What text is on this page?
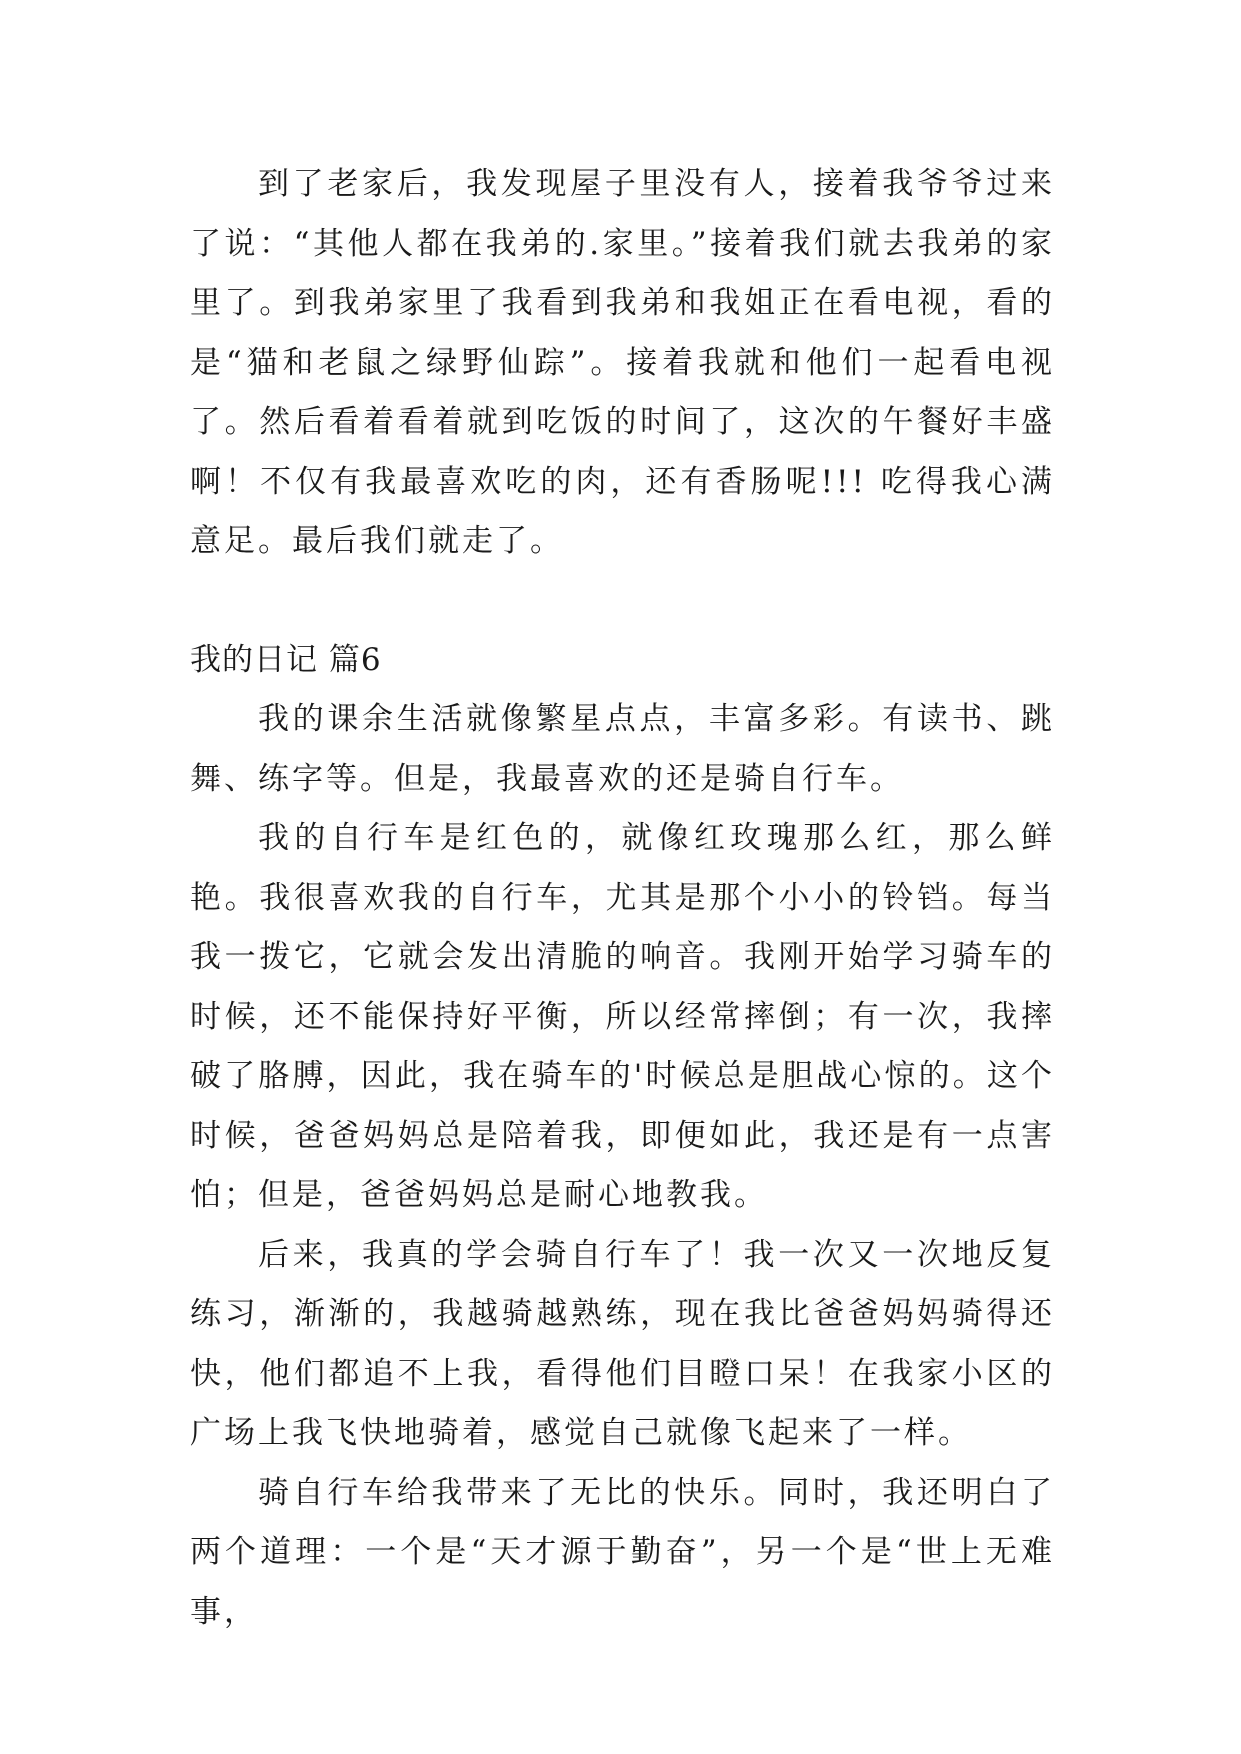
到了老家后，我发现屋子里没有人，接着我爷爷过来了说：“其他人都在我弟的.家里。”接着我们就去我弟的家里了。到我弟家里了我看到我弟和我姐正在看电视，看的是“猫和老鼠之绿野仙踪”。接着我就和他们一起看电视了。然后看着看着就到吃饭的时间了，这次的午餐好丰盛啊！不仅有我最喜欢吃的肉，还有香肠呢!!! 吃得我心满意足。最后我们就走了。

我的日记 篇6

我的课余生活就像繁星点点，丰富多彩。有读书、跳舞、练字等。但是，我最喜欢的还是骑自行车。

我的自行车是红色的，就像红玫瑰那么红，那么鲜艳。我很喜欢我的自行车，尤其是那个小小的铃铛。每当我一拨它，它就会发出清脆的响音。我刚开始学习骑车的时候，还不能保持好平衡，所以经常摔倒；有一次，我摔破了胳膊，因此，我在骑车的'时候总是胆战心惊的。这个时候，爸爸妈妈总是陪着我，即便如此，我还是有一点害怕；但是，爸爸妈妈总是耐心地教我。

后来，我真的学会骑自行车了！我一次又一次地反复练习，渐渐的，我越骑越熟练，现在我比爸爸妈妈骑得还快，他们都追不上我，看得他们目瞪口呆！在我家小区的广场上我飞快地骑着，感觉自己就像飞起来了一样。

骑自行车给我带来了无比的快乐。同时，我还明白了两个道理：一个是“天才源于勤奋”，另一个是“世上无难事，
